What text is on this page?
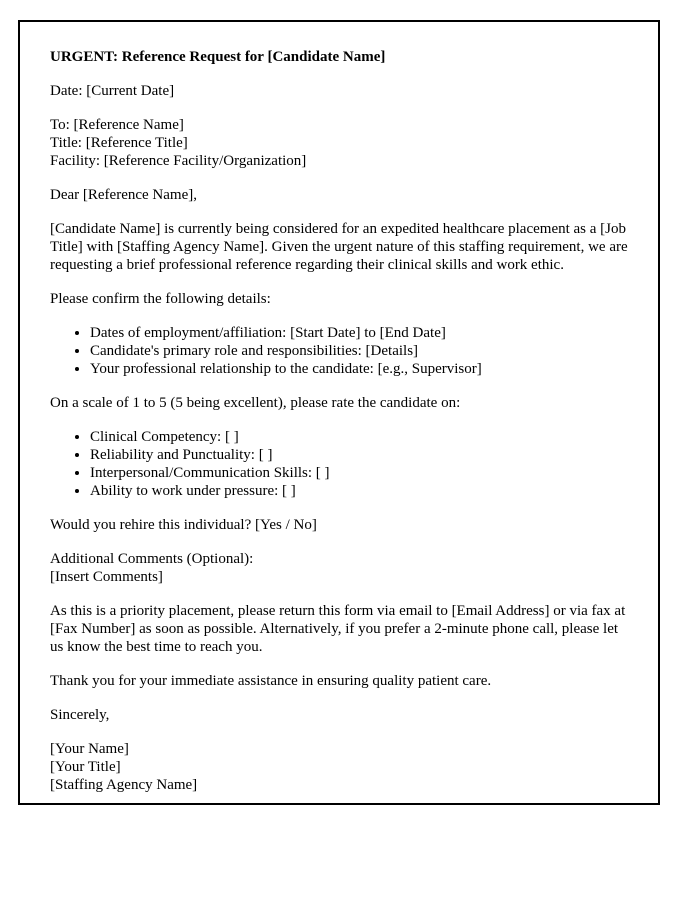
URGENT: Reference Request for [Candidate Name]

Date: [Current Date]

To: [Reference Name]
Title: [Reference Title]
Facility: [Reference Facility/Organization]

Dear [Reference Name],

[Candidate Name] is currently being considered for an expedited healthcare placement as a [Job Title] with [Staffing Agency Name]. Given the urgent nature of this staffing requirement, we are requesting a brief professional reference regarding their clinical skills and work ethic.

Please confirm the following details:

• Dates of employment/affiliation: [Start Date] to [End Date]
• Candidate's primary role and responsibilities: [Details]
• Your professional relationship to the candidate: [e.g., Supervisor]

On a scale of 1 to 5 (5 being excellent), please rate the candidate on:

• Clinical Competency: [ ]
• Reliability and Punctuality: [ ]
• Interpersonal/Communication Skills: [ ]
• Ability to work under pressure: [ ]

Would you rehire this individual? [Yes / No]

Additional Comments (Optional):
[Insert Comments]

As this is a priority placement, please return this form via email to [Email Address] or via fax at [Fax Number] as soon as possible. Alternatively, if you prefer a 2-minute phone call, please let us know the best time to reach you.

Thank you for your immediate assistance in ensuring quality patient care.

Sincerely,

[Your Name]
[Your Title]
[Staffing Agency Name]
